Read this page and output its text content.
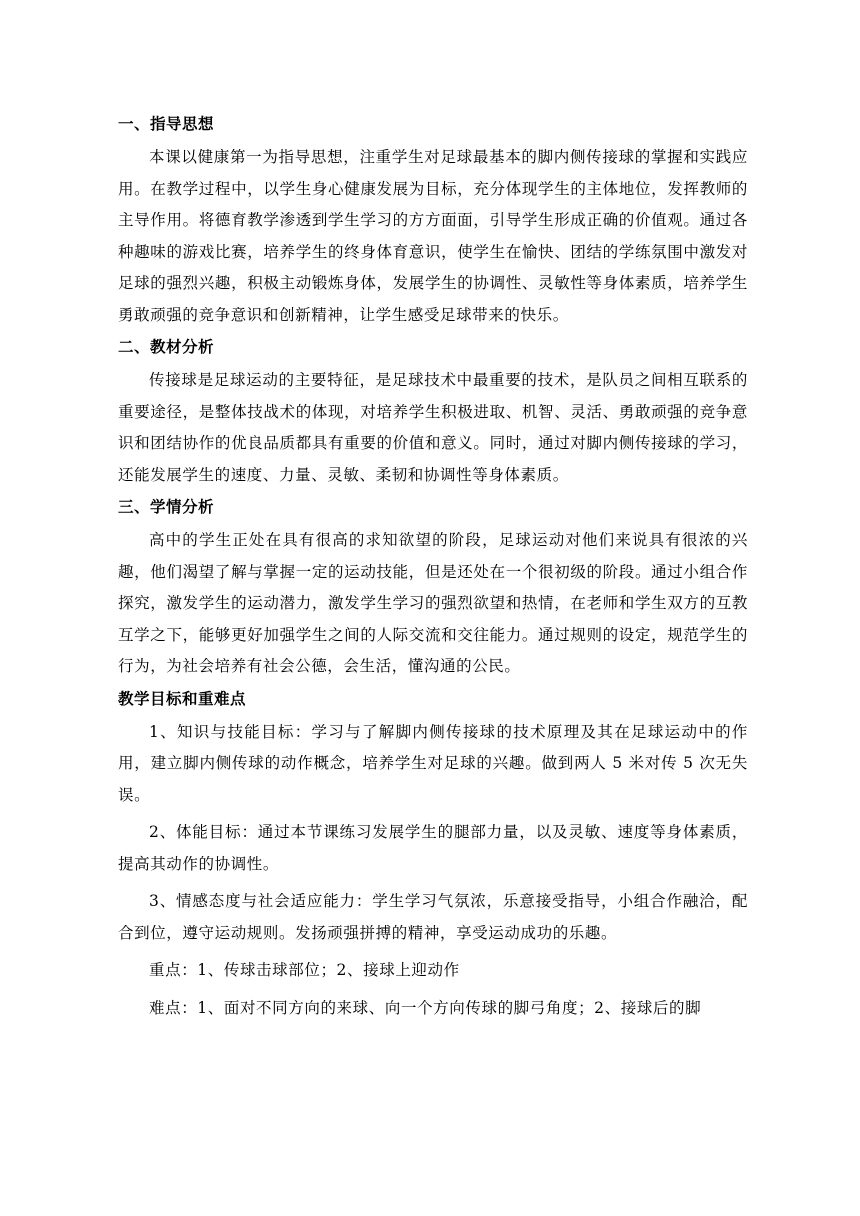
一、指导思想

本课以健康第一为指导思想，注重学生对足球最基本的脚内侧传接球的掌握和实践应用。在教学过程中，以学生身心健康发展为目标，充分体现学生的主体地位，发挥教师的主导作用。将德育教学渗透到学生学习的方方面面，引导学生形成正确的价值观。通过各种趣味的游戏比赛，培养学生的终身体育意识，使学生在愉快、团结的学练氛围中激发对足球的强烈兴趣，积极主动锻炼身体，发展学生的协调性、灵敏性等身体素质，培养学生勇敢顽强的竞争意识和创新精神，让学生感受足球带来的快乐。

二、教材分析

传接球是足球运动的主要特征，是足球技术中最重要的技术，是队员之间相互联系的重要途径，是整体技战术的体现，对培养学生积极进取、机智、灵活、勇敢顽强的竞争意识和团结协作的优良品质都具有重要的价值和意义。同时，通过对脚内侧传接球的学习，还能发展学生的速度、力量、灵敏、柔韧和协调性等身体素质。

三、学情分析

高中的学生正处在具有很高的求知欲望的阶段，足球运动对他们来说具有很浓的兴趣，他们渴望了解与掌握一定的运动技能，但是还处在一个很初级的阶段。通过小组合作探究，激发学生的运动潜力，激发学生学习的强烈欲望和热情，在老师和学生双方的互教互学之下，能够更好加强学生之间的人际交流和交往能力。通过规则的设定，规范学生的行为，为社会培养有社会公德，会生活，懂沟通的公民。

教学目标和重难点

1、知识与技能目标：学习与了解脚内侧传接球的技术原理及其在足球运动中的作用，建立脚内侧传球的动作概念，培养学生对足球的兴趣。做到两人 5 米对传 5 次无失误。

2、体能目标：通过本节课练习发展学生的腿部力量，以及灵敏、速度等身体素质，提高其动作的协调性。

3、情感态度与社会适应能力：学生学习气氛浓，乐意接受指导，小组合作融洽，配合到位，遵守运动规则。发扬顽强拼搏的精神，享受运动成功的乐趣。

重点：1、传球击球部位；2、接球上迎动作

难点：1、面对不同方向的来球、向一个方向传球的脚弓角度；2、接球后的脚
